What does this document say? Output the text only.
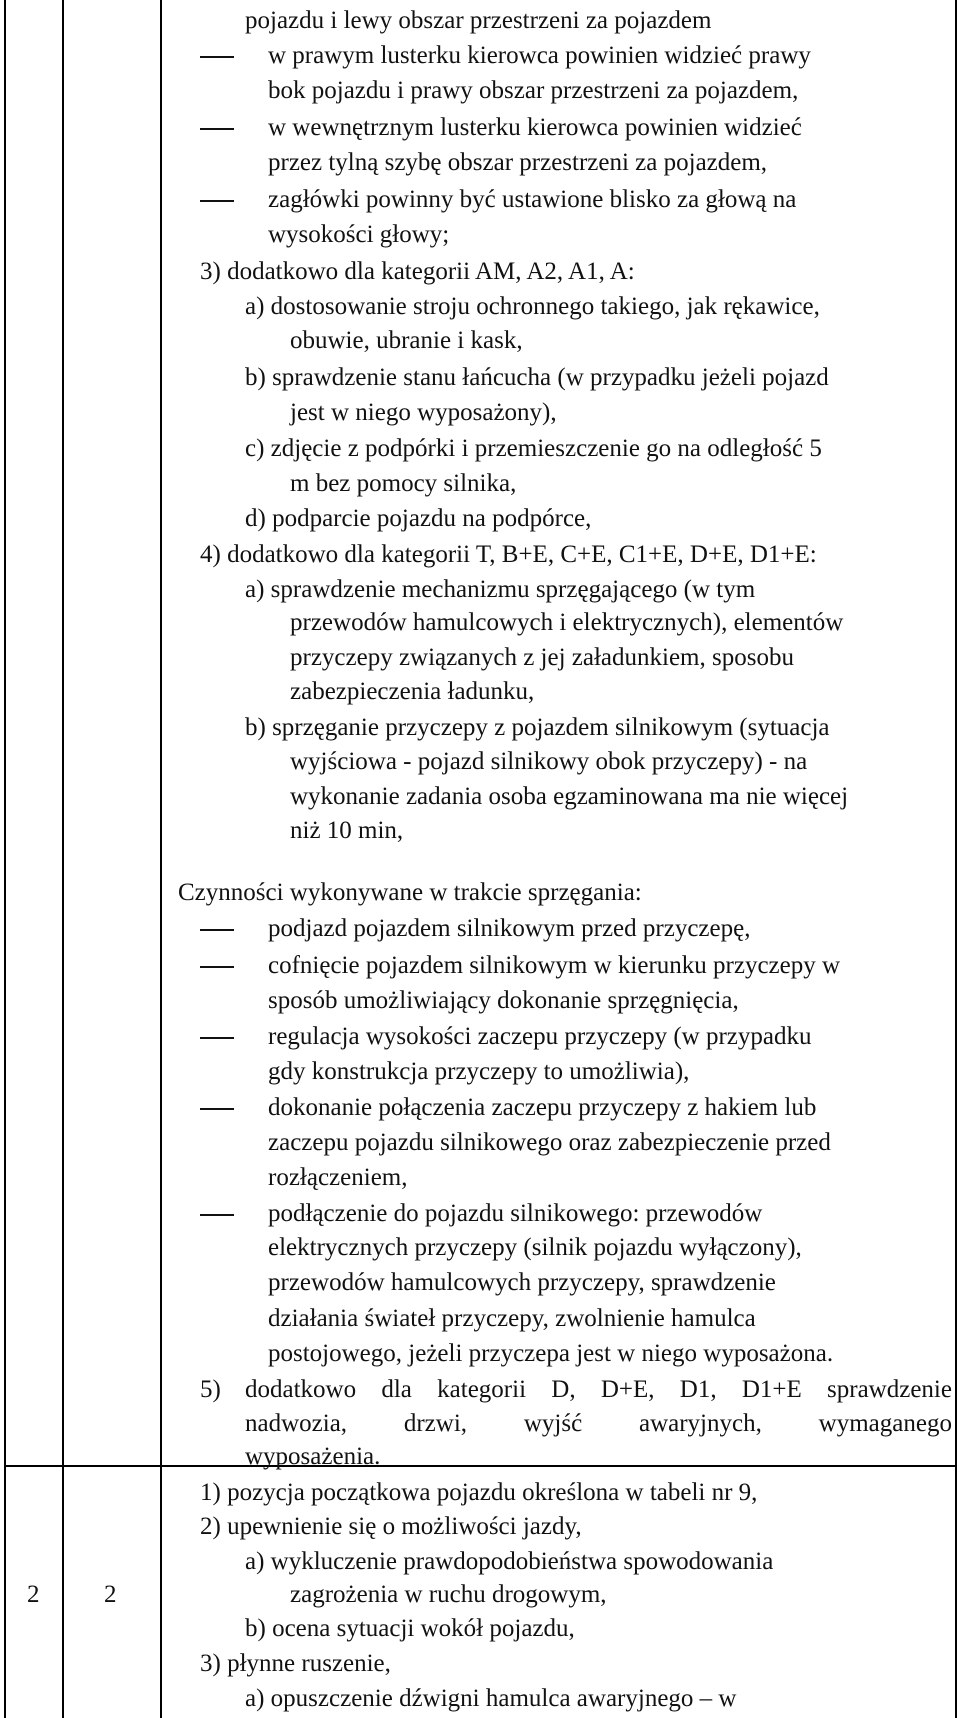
pojazdu i lewy obszar przestrzeni za pojazdem
w prawym lusterku kierowca powinien widzieć prawy
bok pojazdu i prawy obszar przestrzeni za pojazdem,
w wewnętrznym lusterku kierowca powinien widzieć
przez tylną szybę obszar przestrzeni za pojazdem,
zagłówki powinny być ustawione blisko za głową na
wysokości głowy;
3) dodatkowo dla kategorii AM, A2, A1, A:
a) dostosowanie stroju ochronnego takiego, jak rękawice,
obuwie, ubranie i kask,
b) sprawdzenie stanu łańcucha (w przypadku jeżeli pojazd
jest w niego wyposażony),
c) zdjęcie z podpórki i przemieszczenie go na odległość 5
m bez pomocy silnika,
d) podparcie pojazdu na podpórce,
4) dodatkowo dla kategorii T, B+E, C+E, C1+E, D+E, D1+E:
a) sprawdzenie mechanizmu sprzęgającego (w tym
przewodów hamulcowych i elektrycznych), elementów
przyczepy związanych z jej załadunkiem, sposobu
zabezpieczenia ładunku,
b) sprzęganie przyczepy z pojazdem silnikowym (sytuacja
wyjściowa - pojazd silnikowy obok przyczepy) - na
wykonanie zadania osoba egzaminowana ma nie więcej
niż 10 min,
Czynności wykonywane w trakcie sprzęgania:
podjazd pojazdem silnikowym przed przyczepę,
cofnięcie pojazdem silnikowym w kierunku przyczepy w
sposób umożliwiający dokonanie sprzęgnięcia,
regulacja wysokości zaczepu przyczepy (w przypadku
gdy konstrukcja przyczepy to umożliwia),
dokonanie połączenia zaczepu przyczepy z hakiem lub
zaczepu pojazdu silnikowego oraz zabezpieczenie przed
rozłączeniem,
podłączenie do pojazdu silnikowego: przewodów
elektrycznych przyczepy (silnik pojazdu wyłączony),
przewodów hamulcowych przyczepy, sprawdzenie
działania świateł przyczepy, zwolnienie hamulca
postojowego, jeżeli przyczepa jest w niego wyposażona.
5) dodatkowo dla kategorii D, D+E, D1, D1+E sprawdzenie
nadwozia, drzwi, wyjść awaryjnych, wymaganego
wyposażenia.
2	2
1) pozycja początkowa pojazdu określona w tabeli nr 9,
2) upewnienie się o możliwości jazdy,
a) wykluczenie prawdopodobieństwa spowodowania
zagrożenia w ruchu drogowym,
b) ocena sytuacji wokół pojazdu,
3) płynne ruszenie,
a) opuszczenie dźwigni hamulca awaryjnego – w
